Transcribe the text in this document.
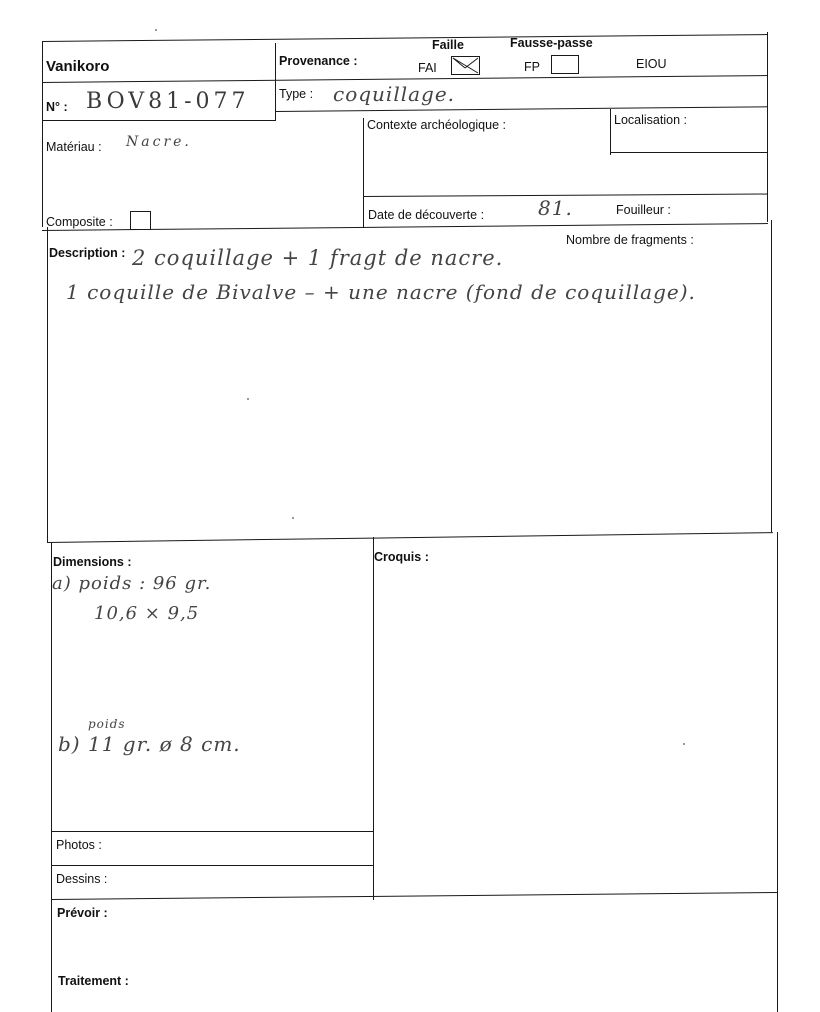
Vanikoro	Provenance :
Faille	Fausse-passe
FAI	FP	EIOU
N° : BOV81-077 Type : coquillage.
Matériau : Nacre.
Contexte archéologique :	Localisation :
Composite :	Date de découverte :	81.	Fouilleur :
Description :
Nombre de fragments :
2 coquillage + 1 fragt de nacre.
1 coquille de Bivalve – + une nacre (fond de coquillage).
Dimensions :
a) poids : 96 gr.
10,6 × 9,5
poids
b) 11 gr. ø 8 cm.
Croquis :
Photos :
Dessins :
Prévoir :
Traitement :
